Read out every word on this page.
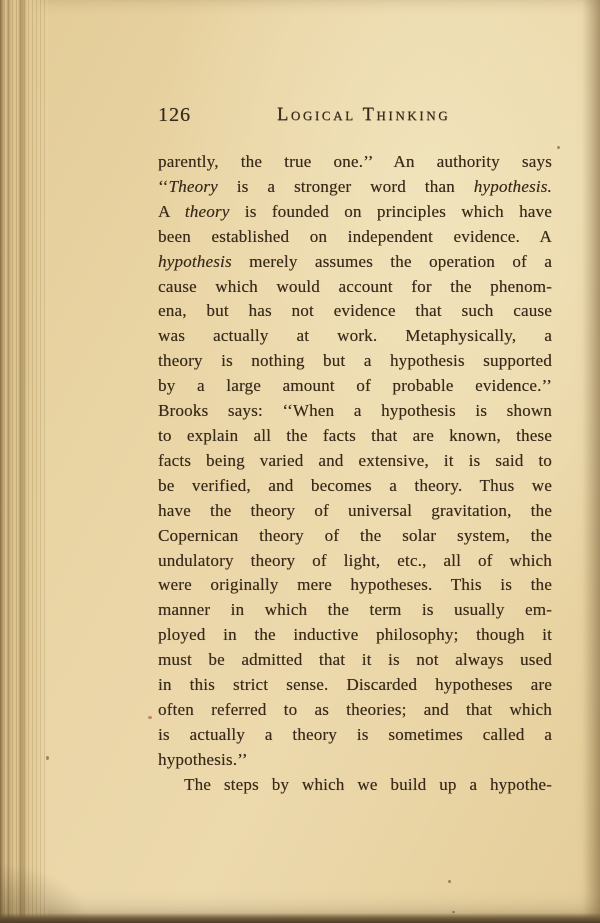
126	Logical Thinking
parently, the true one.’’ An authority says
‘‘Theory is a stronger word than hypothesis.
A theory is founded on principles which have
been established on independent evidence. A
hypothesis merely assumes the operation of a
cause which would account for the phenom-
ena, but has not evidence that such cause
was actually at work. Metaphysically, a
theory is nothing but a hypothesis supported
by a large amount of probable evidence.’’
Brooks says: ‘‘When a hypothesis is shown
to explain all the facts that are known, these
facts being varied and extensive, it is said to
be verified, and becomes a theory. Thus we
have the theory of universal gravitation, the
Copernican theory of the solar system, the
undulatory theory of light, etc., all of which
were originally mere hypotheses. This is the
manner in which the term is usually em-
ployed in the inductive philosophy; though it
must be admitted that it is not always used
in this strict sense. Discarded hypotheses are
often referred to as theories; and that which
is actually a theory is sometimes called a
hypothesis.’’
The steps by which we build up a hypothe-
